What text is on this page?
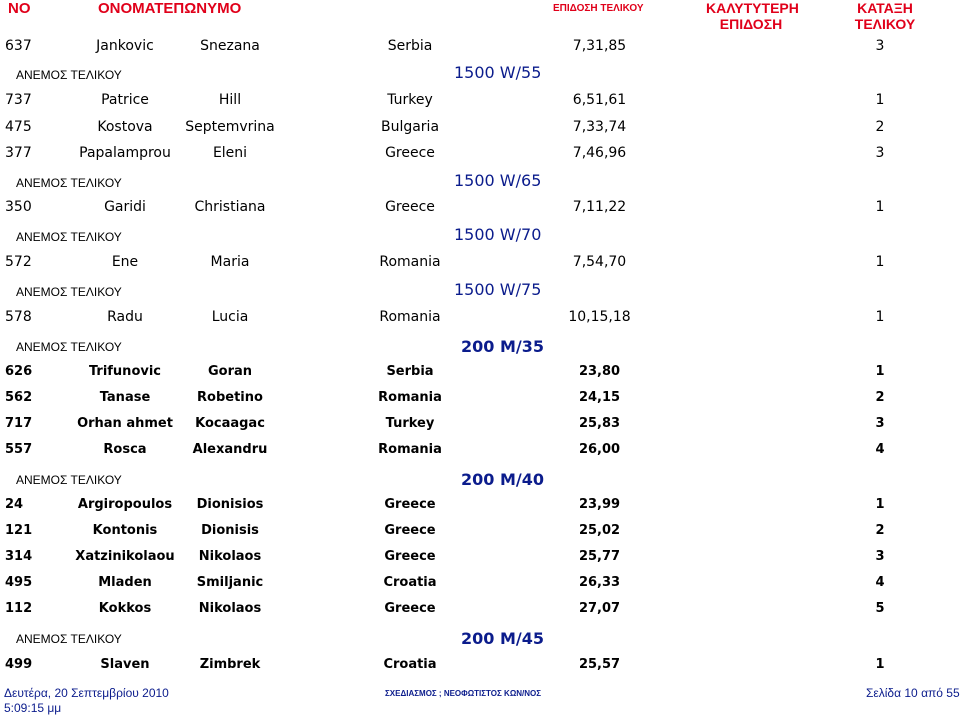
NO	ΟΝΟΜΑΤΕΠΩΝΥΜΟ	ΕΠΙΔΟΣΗ ΤΕΛΙΚΟΥ	ΚΑΛΥΤΥΤΕΡΗ
ΕΠΙΔΟΣΗ
ΚΑΤΑΞΗ
ΤΕΛΙΚΟΥ
637	Jankovic	Snezana	Serbia	7,31,85	3
ΑΝΕΜΟΣ ΤΕΛΙΚΟΥ	1500 W/55
737	Patrice	Hill	Turkey	6,51,61	1
475	Kostova	Septemvrina	Bulgaria	7,33,74	2
377	Papalamprou	Eleni	Greece	7,46,96	3
ΑΝΕΜΟΣ ΤΕΛΙΚΟΥ	1500 W/65
350	Garidi	Christiana	Greece	7,11,22	1
ΑΝΕΜΟΣ ΤΕΛΙΚΟΥ	1500 W/70
572	Ene	Maria	Romania	7,54,70	1
ΑΝΕΜΟΣ ΤΕΛΙΚΟΥ	1500 W/75
578	Radu	Lucia	Romania	10,15,18	1
ΑΝΕΜΟΣ ΤΕΛΙΚΟΥ	200 M/35
626	Trifunovic	Goran	Serbia	23,80	1
562	Tanase	Robetino	Romania	24,15	2
717	Orhan ahmet	Kocaagac	Turkey	25,83	3
557	Rosca	Alexandru	Romania	26,00	4
ΑΝΕΜΟΣ ΤΕΛΙΚΟΥ	200 M/40
24	Argiropoulos	Dionisios	Greece	23,99	1
121	Kontonis	Dionisis	Greece	25,02	2
314	Xatzinikolaou	Nikolaos	Greece	25,77	3
495	Mladen	Smiljanic	Croatia	26,33	4
112	Kokkos	Nikolaos	Greece	27,07	5
ΑΝΕΜΟΣ ΤΕΛΙΚΟΥ	200 M/45
499	Slaven	Zimbrek	Croatia	25,57	1
Δευτέρα, 20 Σεπτεμβρίου 2010
5:09:15 μμ
ΣΧΕΔΙΑΣΜΟΣ ; ΝΕΟΦΩΤΙΣΤΟΣ ΚΩΝ/ΝΟΣ	Σελίδα 10 από 55
